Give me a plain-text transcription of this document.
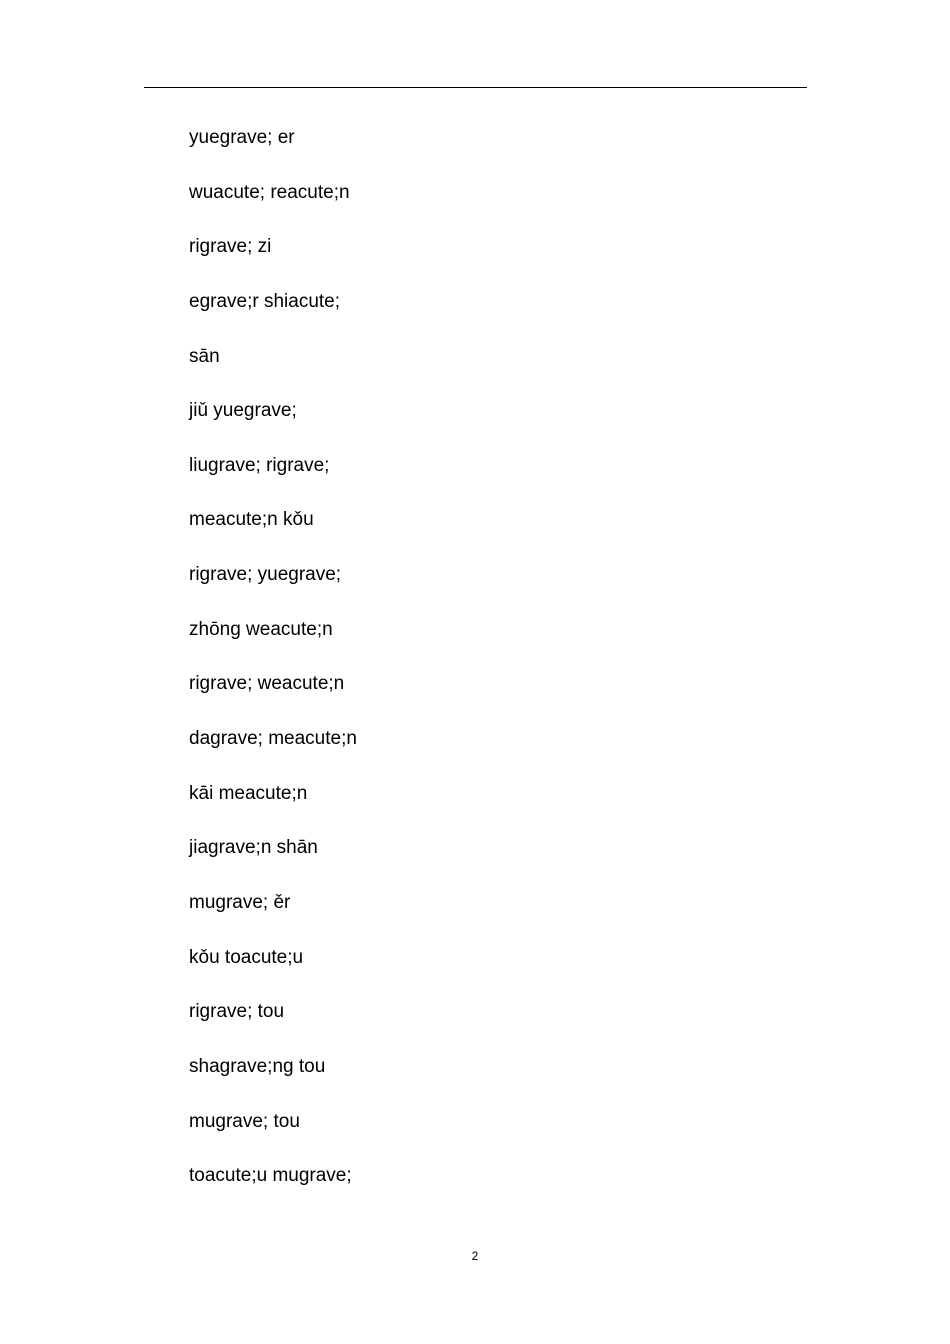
yuegrave; er
wuacute; reacute;n
rigrave; zi
egrave;r shiacute;
sān
jiǔ yuegrave;
liugrave; rigrave;
meacute;n kǒu
rigrave; yuegrave;
zhōng weacute;n
rigrave; weacute;n
dagrave; meacute;n
kāi meacute;n
jiagrave;n shān
mugrave; ěr
kǒu toacute;u
rigrave; tou
shagrave;ng tou
mugrave; tou
toacute;u mugrave;
2
